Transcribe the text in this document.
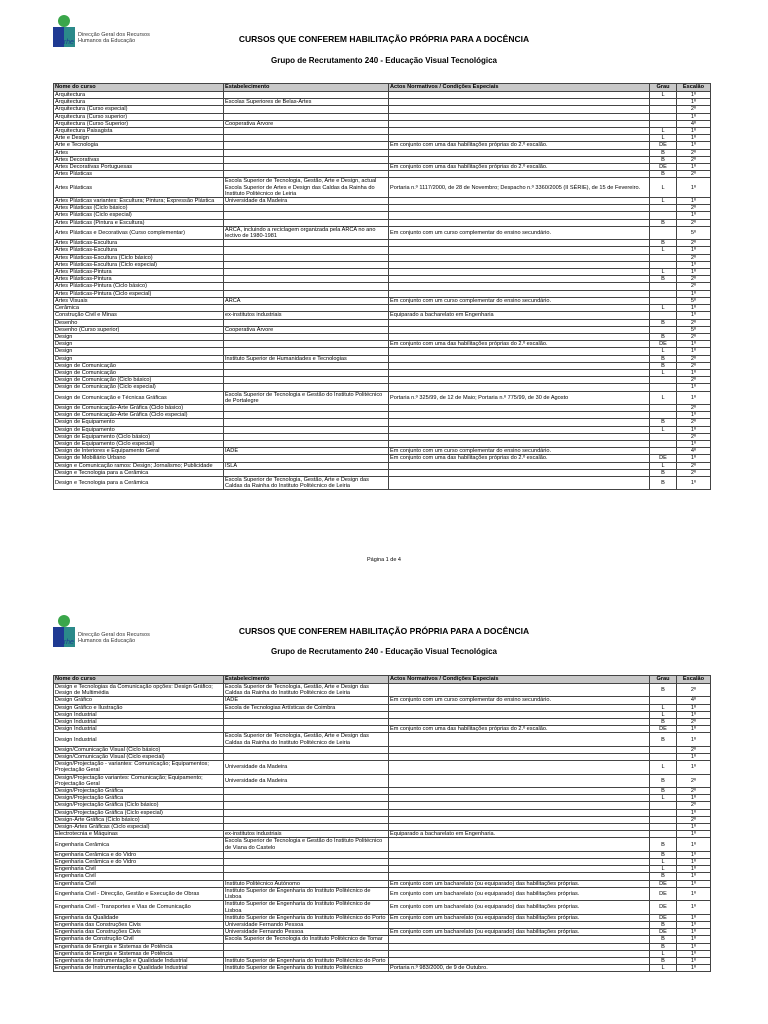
dgrhe
Direcção Geral dos Recursos
Humanos da Educação	CURSOS QUE CONFEREM HABILITAÇÃO PRÓPRIA PARA A DOCÊNCIA
Grupo de Recrutamento 240 - Educação Visual Tecnológica
Nome do curso	Estabelecimento	Actos Normativos / Condições Especiais	Grau	Escalão
Arquitectura			L	1º
Arquitectura	Escolas Superiores de Belas-Artes			1º
Arquitectura (Curso especial)				2º
Arquitectura (Curso superior)				1º
Arquitectura (Curso Superior)	Cooperativa Árvore			4º
Arquitectura Paisagista			L	1º
Arte e Design			L	1º
Arte e Tecnologia		Em conjunto com uma das habilitações próprias do 2.º escalão.	DE	1º
Artes			B	2º
Artes Decorativas			B	2º
Artes Decorativas Portuguesas		Em conjunto com uma das habilitações próprias do 2.º escalão.	DE	1º
Artes Plásticas			B	2º
Artes Plásticas	Escola Superior de Tecnologia, Gestão, Arte e Design, actual Escola Superior de Artes e Design das Caldas da Rainha do Instituto Politécnico de Leiria	Portaria n.º 1117/2000, de 28 de Novembro; Despacho n.º 3360/2005 (II SÉRIE), de 15 de Fevereiro.	L	1º
Artes Plásticas variantes: Escultura; Pintura; Expressão Plástica	Universidade da Madeira		L	1º
Artes Plásticas (Ciclo básico)				2º
Artes Plásticas (Ciclo especial)				1º
Artes Plásticas (Pintura e Escultura)			B	2º
Artes Plásticas e Decorativas (Curso complementar)	ARCA, incluindo a reciclagem organizada pela ARCA no ano lectivo de 1980-1981	Em conjunto com um curso complementar do ensino secundário.		5º
Artes Plásticas-Escultura			B	2º
Artes Plásticas-Escultura			L	1º
Artes Plásticas-Escultura (Ciclo básico)				2º
Artes Plásticas-Escultura (Ciclo especial)				1º
Artes Plásticas-Pintura			L	1º
Artes Plásticas-Pintura			B	2º
Artes Plásticas-Pintura (Ciclo básico)				2º
Artes Plásticas-Pintura (Ciclo especial)				1º
Artes Visuais	ARCA	Em conjunto com um curso complementar do ensino secundário.		5º
Cerâmica			L	1º
Construção Civil e Minas	ex-institutos industriais	Equiparado a bacharelato em Engenharia		1º
Desenho			B	2º
Desenho (Curso superior)	Cooperativa Árvore			5º
Design			B	2º
Design		Em conjunto com uma das habilitações próprias do 2.º escalão.	DE	1º
Design			L	1º
Design	Instituto Superior de Humanidades e Tecnologias		B	2º
Design de Comunicação			B	2º
Design de Comunicação			L	1º
Design de Comunicação (Ciclo básico)				2º
Design de Comunicação (Ciclo especial)				1º
Design de Comunicação e Técnicas Gráficas	Escola Superior de Tecnologia e Gestão do Instituto Politécnico de Portalegre	Portaria n.º 325/99, de 12 de Maio; Portaria n.º 775/99, de 30 de Agosto	L	1º
Design de Comunicação-Arte Gráfica (Ciclo básico)				2º
Design de Comunicação-Arte Gráfica (Ciclo especial)				1º
Design de Equipamento			B	2º
Design de Equipamento			L	1º
Design de Equipamento (Ciclo básico)				2º
Design de Equipamento (Ciclo especial)				1º
Design de Interiores e Equipamento Geral	IADE	Em conjunto com um curso complementar do ensino secundário.		4º
Design de Mobiliário Urbano		Em conjunto com uma das habilitações próprias do 2.º escalão.	DE	1º
Design e Comunicação ramos: Design; Jornalismo; Publicidade	ISLA		L	2º
Design e Tecnologia para a Cerâmica			B	2º
Design e Tecnologia para a Cerâmica	Escola Superior de Tecnologia, Gestão, Arte e Design das Caldas da Rainha do Instituto Politécnico de Leiria		B	1º
Página 1 de 4
dgrhe
Direcção Geral dos Recursos
Humanos da Educação
CURSOS QUE CONFEREM HABILITAÇÃO PRÓPRIA PARA A DOCÊNCIA
Grupo de Recrutamento 240 - Educação Visual Tecnológica
Nome do curso	Estabelecimento	Actos Normativos / Condições Especiais	Grau	Escalão
Design e Tecnologias da Comunicação opções: Design Gráfico; Design de Multimédia	Escola Superior de Tecnologia, Gestão, Arte e Design das Caldas da Rainha do Instituto Politécnico de Leiria		B	2º
Design Gráfico	IADE	Em conjunto com um curso complementar do ensino secundário.		4º
Design Gráfico e Ilustração	Escola de Tecnologias Artísticas de Coimbra		L	1º
Design Industrial			L	1º
Design Industrial			B	2º
Design Industrial		Em conjunto com uma das habilitações próprias do 2.º escalão.	DE	1º
Design Industrial	Escola Superior de Tecnologia, Gestão, Arte e Design das Caldas da Rainha do Instituto Politécnico de Leiria		B	1º
Design/Comunicação Visual (Ciclo básico)				2º
Design/Comunicação Visual (Ciclo especial)				1º
Design/Projectação - variantes: Comunicação; Equipamentos; Projectação Geral	Universidade da Madeira		L	1º
Design/Projectação variantes: Comunicação; Equipamento; Projectação Geral	Universidade da Madeira		B	2º
Design/Projectação Gráfica			B	2º
Design/Projectação Gráfica			L	1º
Design/Projectação Gráfica (Ciclo básico)				2º
Design/Projectação Gráfica (Ciclo especial)				1º
Design-Arte Gráfica (Ciclo básico)				2º
Design-Artes Gráficas (Ciclo especial)				1º
Electrotecnia e Máquinas	ex-institutos industriais	Equiparado a bacharelato em Engenharia.		1º
Engenharia Cerâmica	Escola Superior de Tecnologia e Gestão do Instituto Politécnico de Viana do Castelo		B	1º
Engenharia Cerâmica e do Vidro			B	1º
Engenharia Cerâmica e do Vidro			L	1º
Engenharia Civil			L	1º
Engenharia Civil			B	1º
Engenharia Civil	Instituto Politécnico Autónomo	Em conjunto com um bacharelato (ou equiparado) das habilitações próprias.	DE	1º
Engenharia Civil - Direcção, Gestão e Execução de Obras	Instituto Superior de Engenharia do Instituto Politécnico de Lisboa	Em conjunto com um bacharelato (ou equiparado) das habilitações próprias.	DE	1º
Engenharia Civil - Transportes e Vias de Comunicação	Instituto Superior de Engenharia do Instituto Politécnico de Lisboa	Em conjunto com um bacharelato (ou equiparado) das habilitações próprias.	DE	1º
Engenharia da Qualidade	Instituto Superior de Engenharia do Instituto Politécnico do Porto	Em conjunto com um bacharelato (ou equiparado) das habilitações próprias.	DE	1º
Engenharia das Construções Civis	Universidade Fernando Pessoa		B	1º
Engenharia das Construções Civis	Universidade Fernando Pessoa	Em conjunto com um bacharelato (ou equiparado) das habilitações próprias.	DE	1º
Engenharia de Construção Civil	Escola Superior de Tecnologia do Instituto Politécnico de Tomar		B	1º
Engenharia de Energia e Sistemas de Potência			B	1º
Engenharia de Energia e Sistemas de Potência			L	1º
Engenharia de Instrumentação e Qualidade Industrial	Instituto Superior de Engenharia do Instituto Politécnico do Porto		B	1º
Engenharia de Instrumentação e Qualidade Industrial	Instituto Superior de Engenharia do Instituto Politécnico	Portaria n.º 983/2000, de 9 de Outubro.	L	1º
